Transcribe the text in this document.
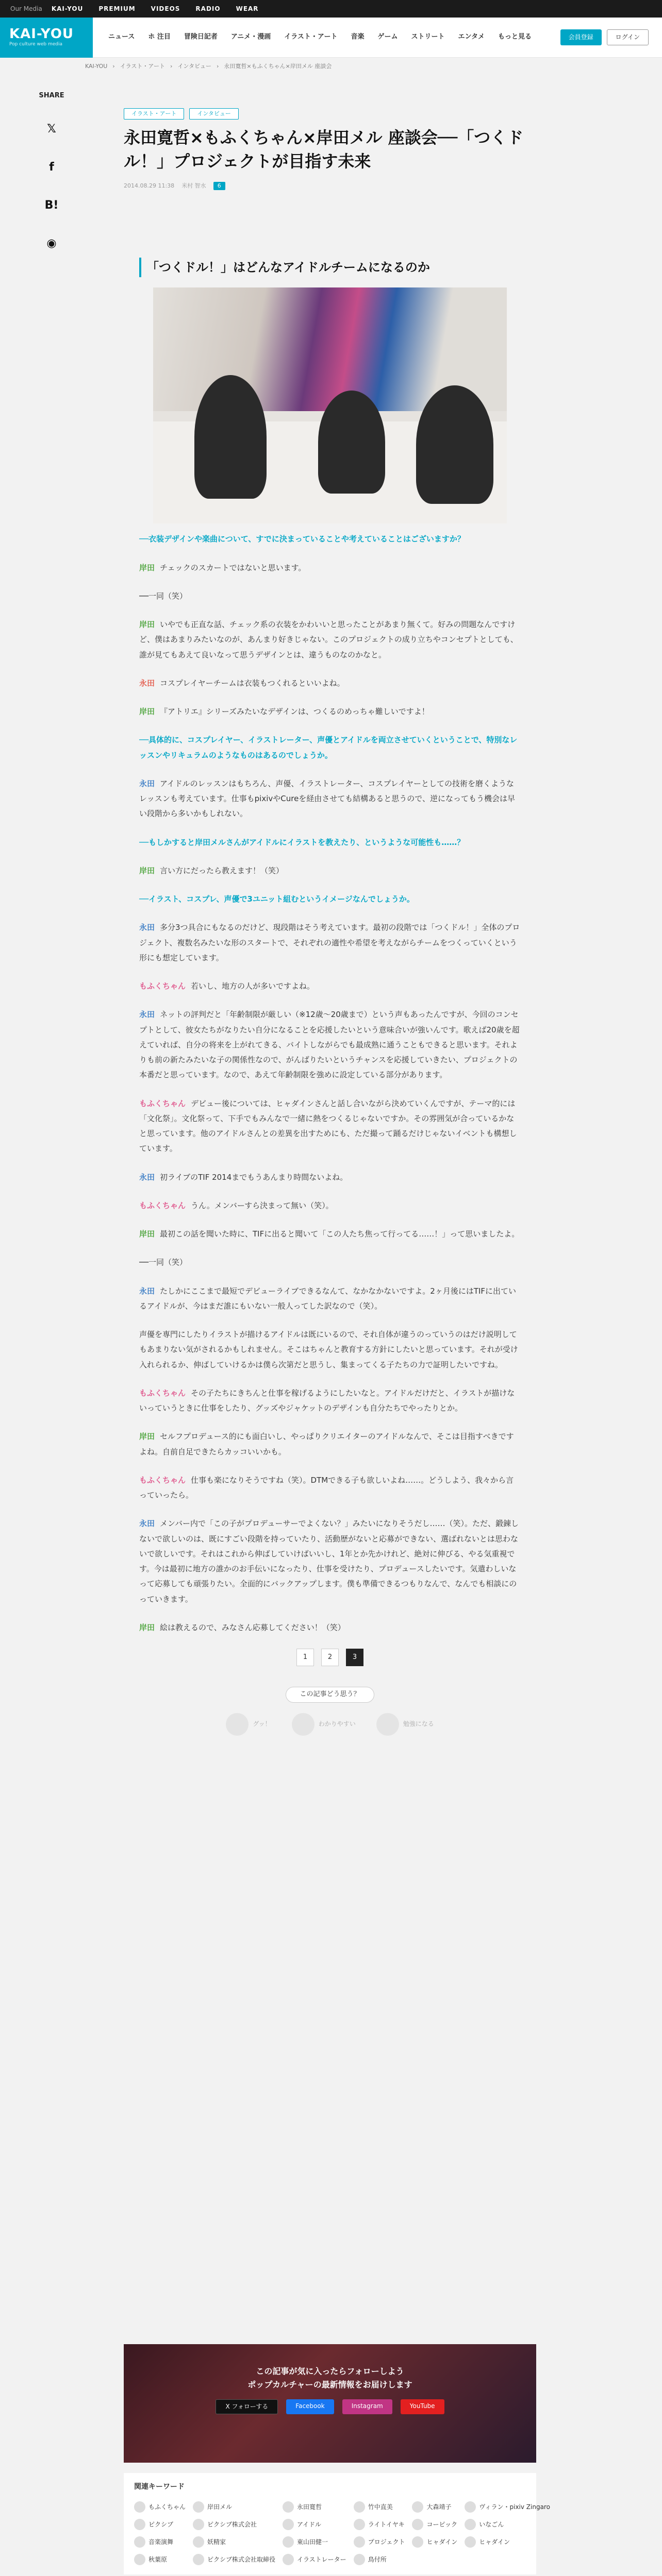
Our Media KAI-YOU	PREMIUM	VIDEOS	RADIO	WEAR
KAI-YOU
Pop culture web media
ニュース ホ 注目 冒険日記者 アニメ・漫画 イラスト・アート 音楽 ゲーム ストリート エンタメ もっと見る	会員登録	ログイン
KAI-YOU › イラスト・アート › インタビュー › 永田寛哲×もふくちゃん×岸田メル 座談会
SHARE
𝕏
f
B!
◉
イラスト・アート	インタビュー
永田寛哲×もふくちゃん×岸田メル 座談会──「つくドル！」プロジェクトが目指す未来
2014.08.29 11:38 米村 智水	6
「つくドル！」はどんなアイドルチームになるのか

──衣装デザインや楽曲について、すでに決まっていることや考えていることはございますか？

岸田 チェックのスカートではないと思います。

──一同（笑）

岸田 いやでも正直な話、チェック系の衣装をかわいいと思ったことがあまり無くて。好みの問題なんですけど、僕はあまりみたいなのが、あんまり好きじゃない。このプロジェクトの成り立ちやコンセプトとしても、誰が見てもあえて良いなって思うデザインとは、違うものなのかなと。

永田 コスプレイヤーチームは衣装もつくれるといいよね。

岸田 『アトリエ』シリーズみたいなデザインは、つくるのめっちゃ難しいですよ！

──具体的に、コスプレイヤー、イラストレーター、声優とアイドルを両立させていくということで、特別なレッスンやリキュラムのようなものはあるのでしょうか。

永田 アイドルのレッスンはもちろん、声優、イラストレーター、コスプレイヤーとしての技術を磨くようなレッスンも考えています。仕事もpixivやCureを経由させても結構あると思うので、逆になってもう機会は早い段階から多いかもしれない。

──もしかすると岸田メルさんがアイドルにイラストを教えたり、というような可能性も……？

岸田 言い方にだったら教えます！（笑）

──イラスト、コスプレ、声優で3ユニット組むというイメージなんでしょうか。

永田 多分3つ具合にもなるのだけど、現段階はそう考えています。最初の段階では「つくドル！」全体のプロジェクト、複数名みたいな形のスタートで、それぞれの適性や希望を考えながらチームをつくっていくという形にも想定しています。

もふくちゃん 若いし、地方の人が多いですよね。

永田 ネットの評判だと「年齢制限が厳しい（※12歳〜20歳まで）という声もあったんですが、今回のコンセプトとして、彼女たちがなりたい自分になることを応援したいという意味合いが強いんです。歌えば20歳を超えていれば、自分の将来を上がれてきる、バイトしながらでも最成熟に通うこともできると思います。それよりも前の新たみたいな子の関係性なので、がんばりたいというチャンスを応援していきたい、プロジェクトの本番だと思っています。なので、あえて年齢制限を強めに設定している部分があります。

もふくちゃん デビュー後については、ヒャダインさんと話し合いながら決めていくんですが、テーマ的には「文化祭」。文化祭って、下手でもみんなで一緒に熱をつくるじゃないですか。その雰囲気が合っているかなと思っています。他のアイドルさんとの差異を出すためにも、ただ撮って踊るだけじゃないイベントも構想しています。

永田 初ライブのTIF 2014までもうあんまり時間ないよね。

もふくちゃん うん。メンバーすら決まって無い（笑）。

岸田 最初この話を聞いた時に、TIFに出ると聞いて「この人たち焦って行ってる……！」って思いましたよ。

──一同（笑）

永田 たしかにここまで最短でデビューライブできるなんて、なかなかないですよ。2ヶ月後にはTIFに出ているアイドルが、今はまだ誰にもいない一般人ってした訳なので（笑）。

声優を専門にしたりイラストが描けるアイドルは既にいるので、それ自体が違うのっていうのはだけ説明してもあまりない気がされるかもしれません。そこはちゃんと教育する方針にしたいと思っています。それが受け入れられるか、伸ばしていけるかは僕ら次第だと思うし、集まってくる子たちの力で証明したいですね。

もふくちゃん その子たちにきちんと仕事を稼げるようにしたいなと。アイドルだけだと、イラストが描けないっていうときに仕事をしたり、グッズやジャケットのデザインも自分たちでやったりとか。

岸田 セルフプロデュース的にも面白いし、やっぱりクリエイターのアイドルなんで、そこは目指すべきですよね。自前自足できたらカッコいいかも。

もふくちゃん 仕事も楽になりそうですね（笑）。DTMできる子も欲しいよね……。どうしよう、我々から言っていったら。

永田 メンバー内で「この子がプロデューサーでよくない？」みたいになりそうだし……（笑）。ただ、鍛錬しないで欲しいのは、既にすごい段階を持っていたり、活動歴がないと応募ができない、選ばれないとは思わないで欲しいです。それはこれから伸ばしていけばいいし、1年とか先かけれど、絶対に伸びる、やる気重視です。今は最初に地方の誰かのお手伝いになったり、仕事を受けたり、プロデュースしたいです。気遣わしいなって応募しても頑張りたい。全面的にバックアップします。僕も準備できるつもりなんで、なんでも相談にのっていきます。

岸田 絵は教えるので、みなさん応募してください！（笑）

1	2	3
この記事どう思う？
グッ！	わかりやすい	勉強になる
この記事が気に入ったらフォローしよう
ポップカルチャーの最新情報をお届けします
X フォローする	Facebook	Instagram	YouTube
関連キーワード
もふくちゃん	岸田メル	永田寛哲	竹中直美	大森靖子	ヴィラン・pixiv Zingaro
ピクシブ	ピクシブ株式会社	アイドル	ライトイヤキ	コーピック	いなごん
音楽演舞	妖精家	東山田健一	プロジェクト	ヒャダイン	ヒャダイン
秋葉原	ピクシブ株式会社取締役	イラストレーター	鳥付所
